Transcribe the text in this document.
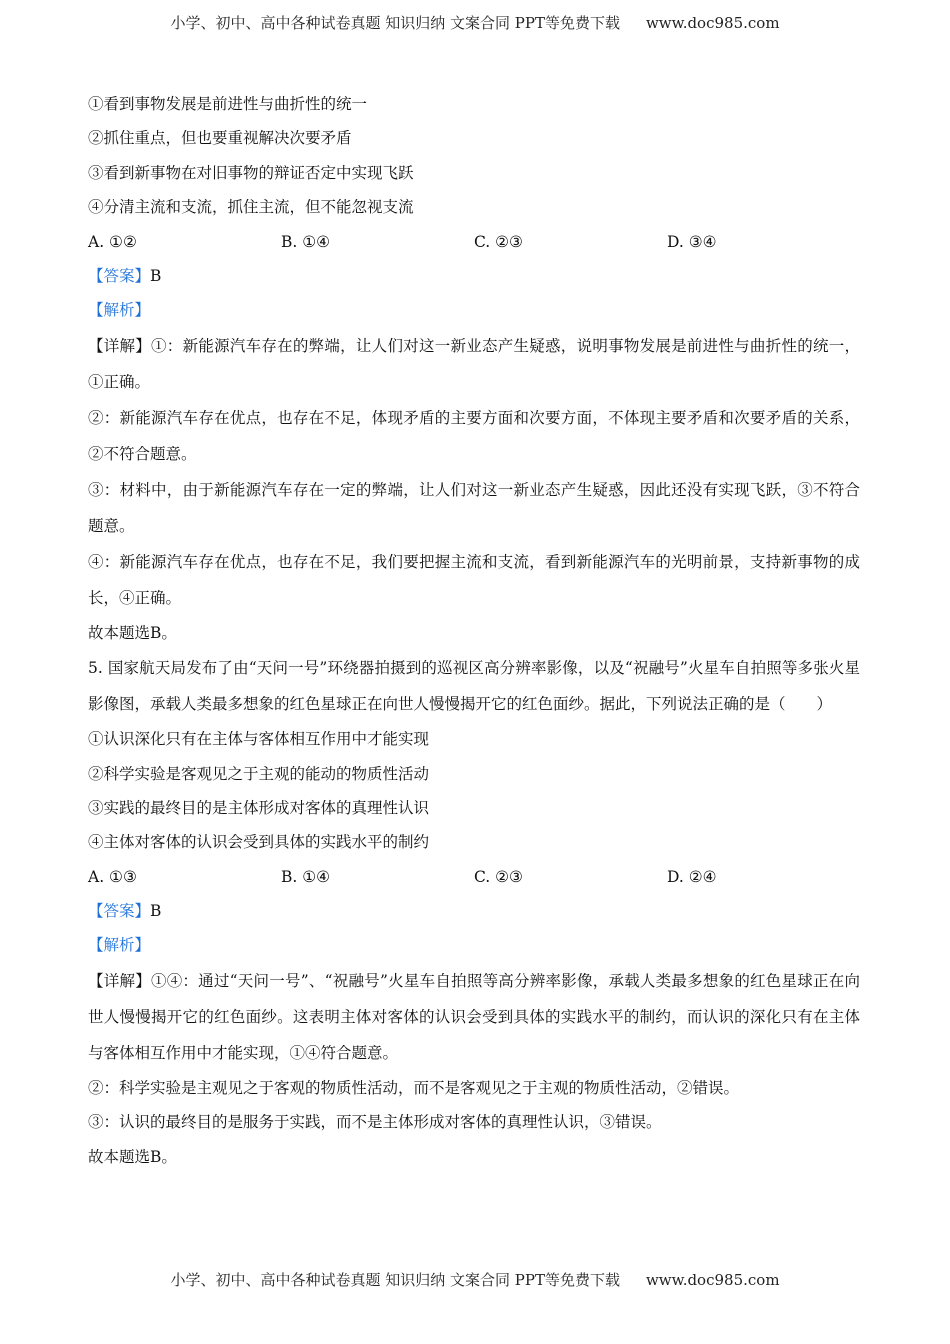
小学、初中、高中各种试卷真题 知识归纳 文案合同 PPT等免费下载 www.doc985.com
①看到事物发展是前进性与曲折性的统一
②抓住重点，但也要重视解决次要矛盾
③看到新事物在对旧事物的辩证否定中实现飞跃
④分清主流和支流，抓住主流，但不能忽视支流
A. ①②	B. ①④	C. ②③	D. ③④
【答案】B
【解析】
【详解】①：新能源汽车存在的弊端，让人们对这一新业态产生疑惑，说明事物发展是前进性与曲折性的统一，①正确。
②：新能源汽车存在优点，也存在不足，体现矛盾的主要方面和次要方面，不体现主要矛盾和次要矛盾的关系，②不符合题意。
③：材料中，由于新能源汽车存在一定的弊端，让人们对这一新业态产生疑惑，因此还没有实现飞跃，③不符合题意。
④：新能源汽车存在优点，也存在不足，我们要把握主流和支流，看到新能源汽车的光明前景，支持新事物的成长，④正确。
故本题选B。
5. 国家航天局发布了由“天问一号”环绕器拍摄到的巡视区高分辨率影像，以及“祝融号”火星车自拍照等多张火星影像图，承载人类最多想象的红色星球正在向世人慢慢揭开它的红色面纱。据此，下列说法正确的是（　　）
①认识深化只有在主体与客体相互作用中才能实现
②科学实验是客观见之于主观的能动的物质性活动
③实践的最终目的是主体形成对客体的真理性认识
④主体对客体的认识会受到具体的实践水平的制约
A. ①③	B. ①④	C. ②③	D. ②④
【答案】B
【解析】
【详解】①④：通过“天问一号”、“祝融号”火星车自拍照等高分辨率影像，承载人类最多想象的红色星球正在向世人慢慢揭开它的红色面纱。这表明主体对客体的认识会受到具体的实践水平的制约，而认识的深化只有在主体与客体相互作用中才能实现，①④符合题意。
②：科学实验是主观见之于客观的物质性活动，而不是客观见之于主观的物质性活动，②错误。
③：认识的最终目的是服务于实践，而不是主体形成对客体的真理性认识，③错误。
故本题选B。
小学、初中、高中各种试卷真题 知识归纳 文案合同 PPT等免费下载 www.doc985.com
